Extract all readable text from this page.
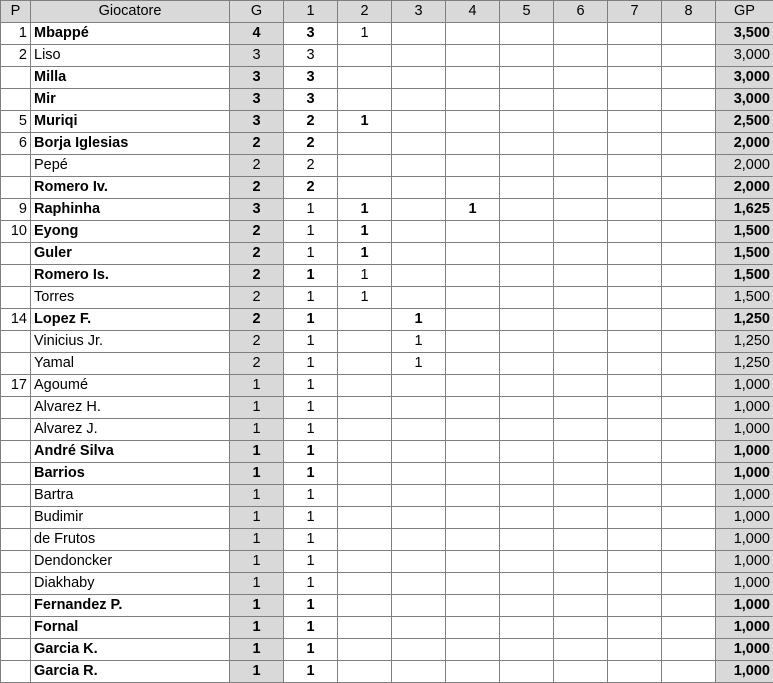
P	Giocatore	G	1	2	3	4	5	6	7	8	GP
1	Mbappé	4	3	1							3,500
2	Liso	3	3								3,000
	Milla	3	3								3,000
	Mir	3	3								3,000
5	Muriqi	3	2	1							2,500
6	Borja Iglesias	2	2								2,000
	Pepé	2	2								2,000
	Romero Iv.	2	2								2,000
9	Raphinha	3	1	1		1					1,625
10	Eyong	2	1	1							1,500
	Guler	2	1	1							1,500
	Romero Is.	2	1	1							1,500
	Torres	2	1	1							1,500
14	Lopez F.	2	1		1						1,250
	Vinicius Jr.	2	1		1						1,250
	Yamal	2	1		1						1,250
17	Agoumé	1	1								1,000
	Alvarez H.	1	1								1,000
	Alvarez J.	1	1								1,000
	André Silva	1	1								1,000
	Barrios	1	1								1,000
	Bartra	1	1								1,000
	Budimir	1	1								1,000
	de Frutos	1	1								1,000
	Dendoncker	1	1								1,000
	Diakhaby	1	1								1,000
	Fernandez P.	1	1								1,000
	Fornal	1	1								1,000
	Garcia K.	1	1								1,000
	Garcia R.	1	1								1,000
